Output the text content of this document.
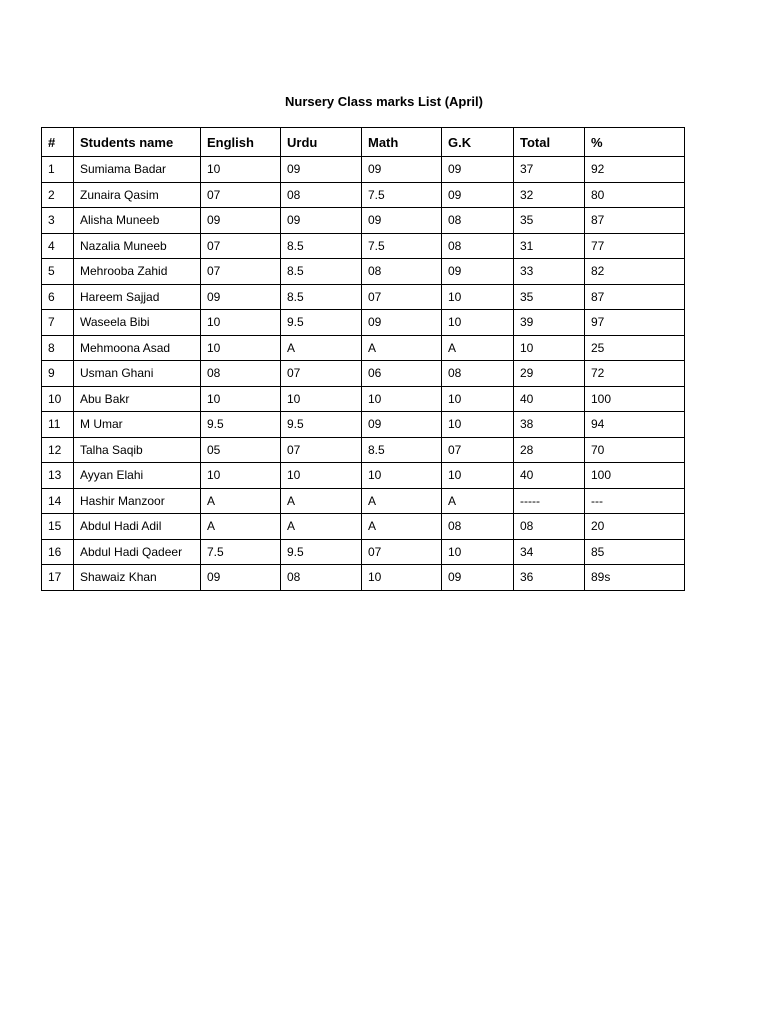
Nursery Class marks List (April)
#	Students name	English	Urdu	Math	G.K	Total	%
1	Sumiama Badar	10	09	09	09	37	92
2	Zunaira Qasim	07	08	7.5	09	32	80
3	Alisha Muneeb	09	09	09	08	35	87
4	Nazalia Muneeb	07	8.5	7.5	08	31	77
5	Mehrooba Zahid	07	8.5	08	09	33	82
6	Hareem Sajjad	09	8.5	07	10	35	87
7	Waseela Bibi	10	9.5	09	10	39	97
8	Mehmoona Asad	10	A	A	A	10	25
9	Usman Ghani	08	07	06	08	29	72
10	Abu Bakr	10	10	10	10	40	100
11	M Umar	9.5	9.5	09	10	38	94
12	Talha Saqib	05	07	8.5	07	28	70
13	Ayyan Elahi	10	10	10	10	40	100
14	Hashir Manzoor	A	A	A	A	-----	---
15	Abdul Hadi Adil	A	A	A	08	08	20
16	Abdul Hadi Qadeer	7.5	9.5	07	10	34	85
17	Shawaiz Khan	09	08	10	09	36	89s
